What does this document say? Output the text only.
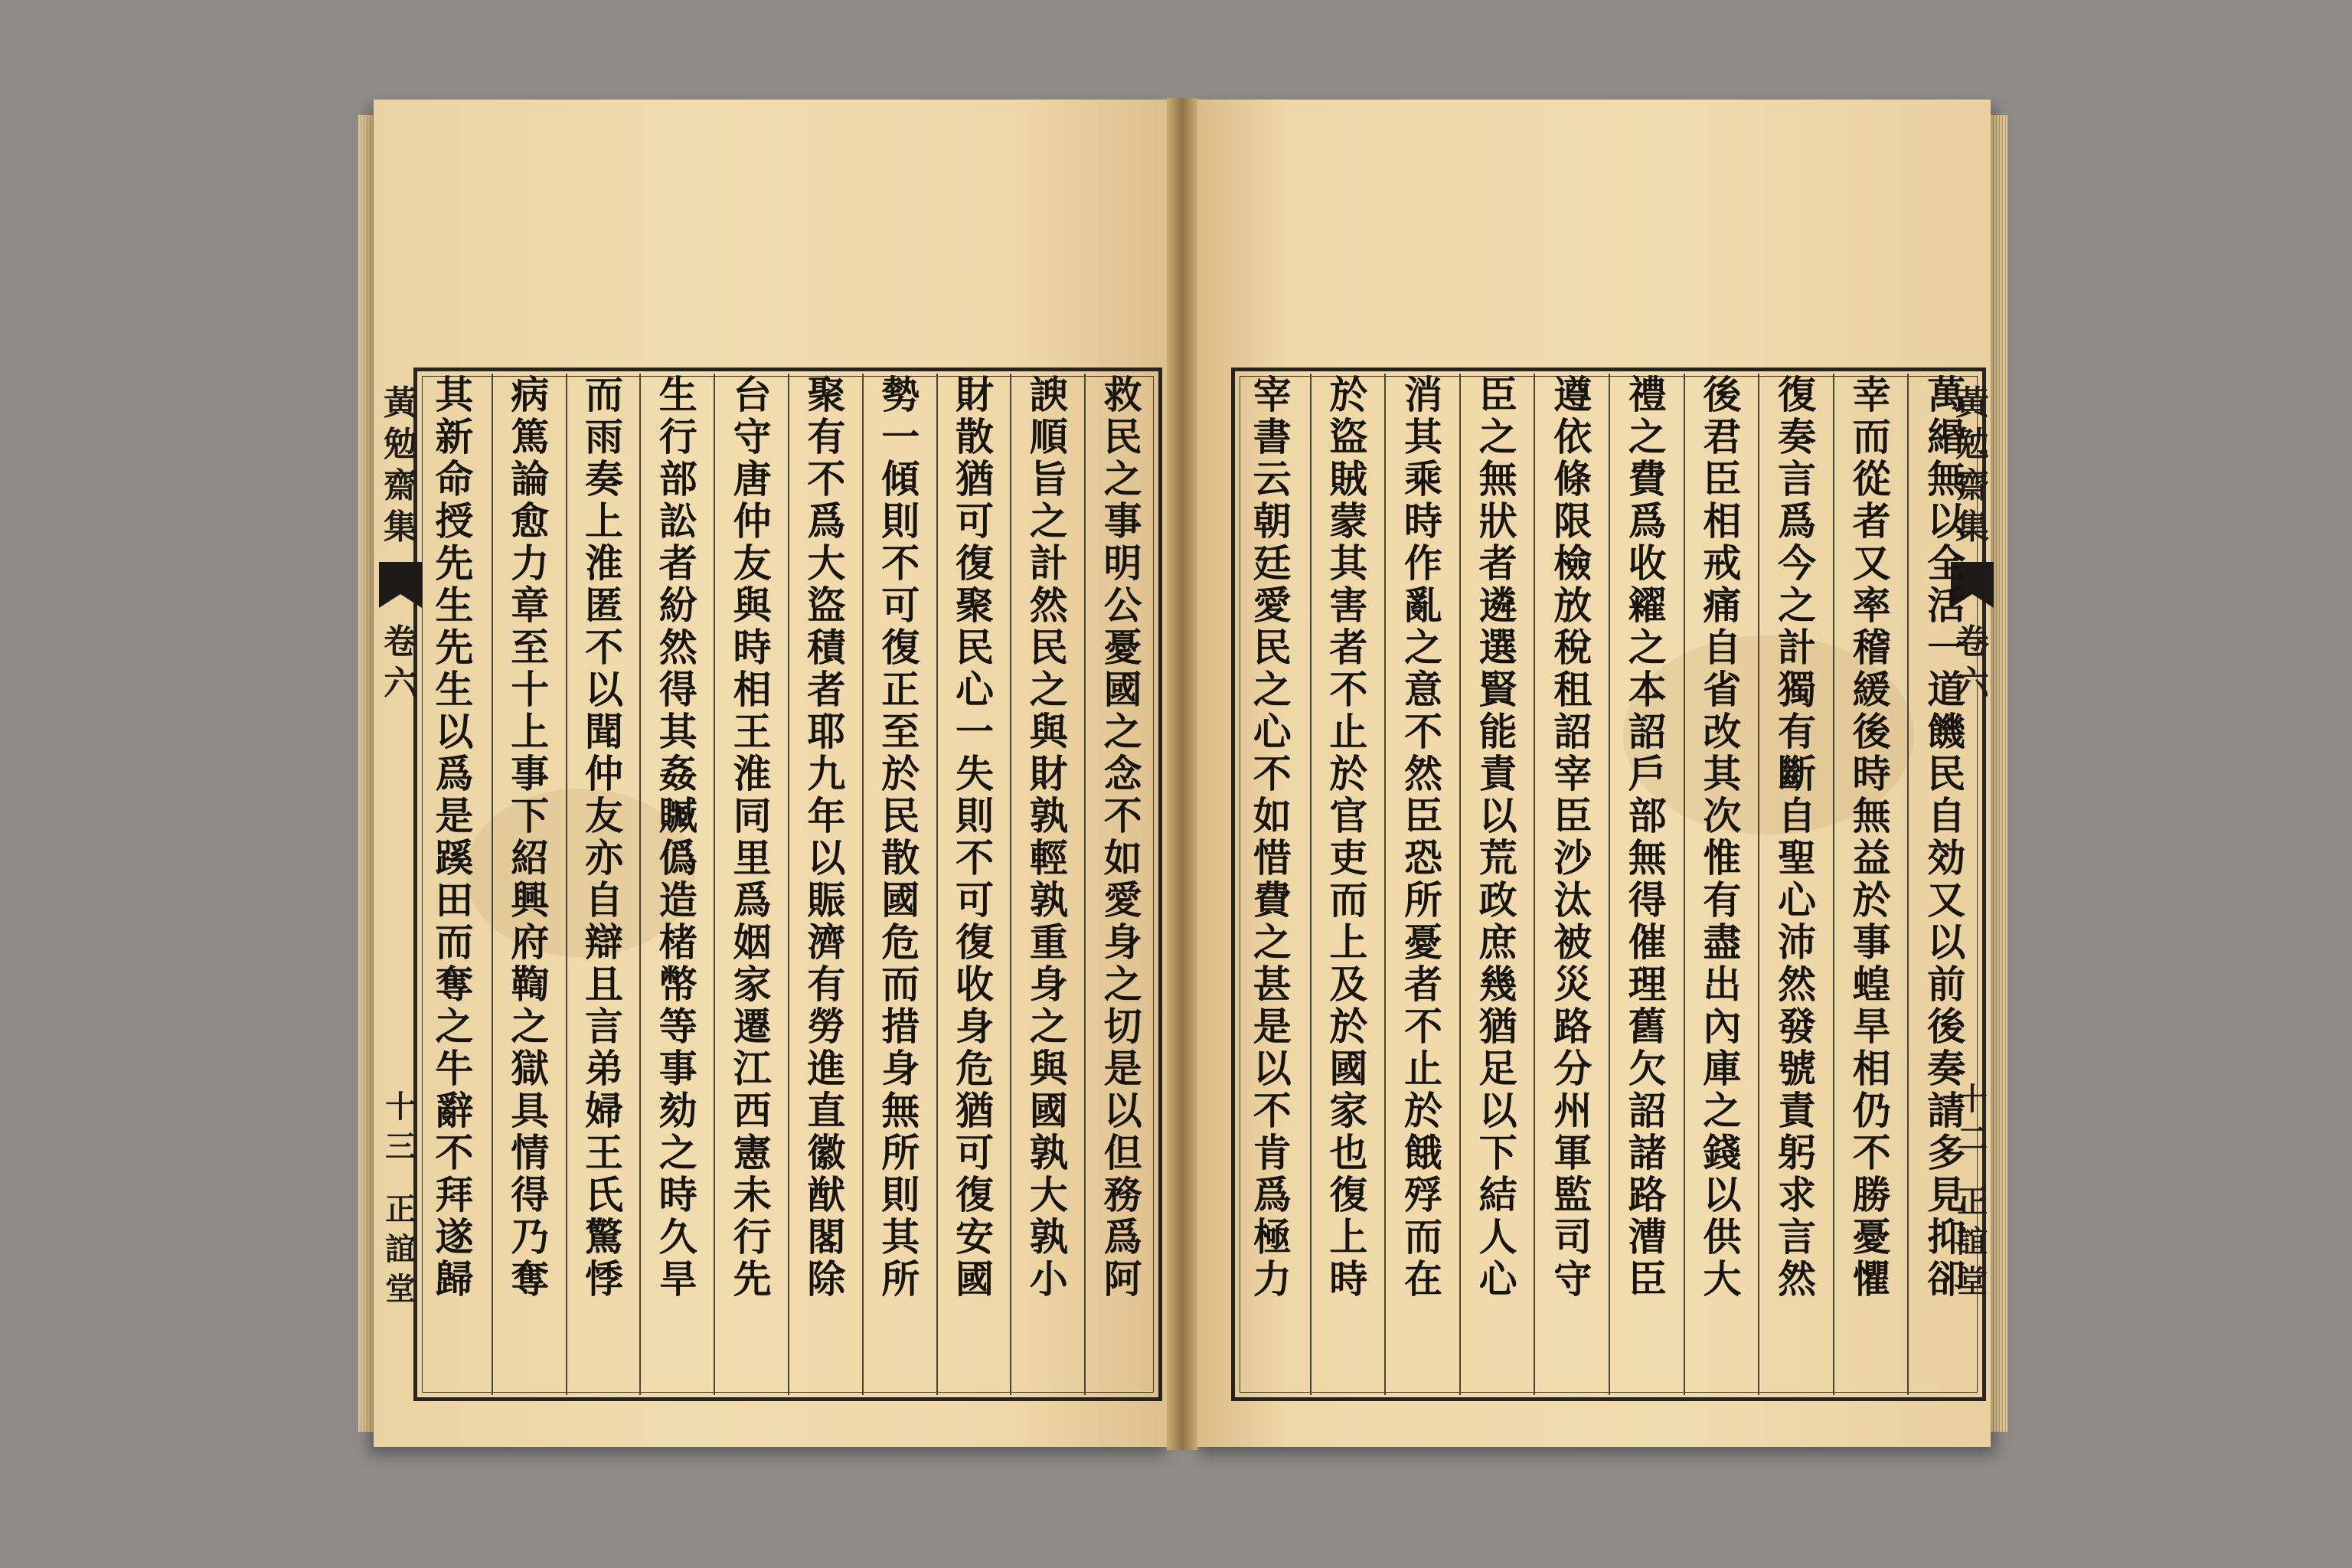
黃
勉
齋
集
卷
六
十
三
正
誼
堂
救
民
之
事
明
公
憂
國
之
念
不
如
愛
身
之
切
是
以
但
務
爲
阿
諛
順
旨
之
計
然
民
之
與
財
孰
輕
孰
重
身
之
與
國
孰
大
孰
小
財
散
猶
可
復
聚
民
心
一
失
則
不
可
復
收
身
危
猶
可
復
安
國
勢
一
傾
則
不
可
復
正
至
於
民
散
國
危
而
措
身
無
所
則
其
所
聚
有
不
爲
大
盜
積
者
耶
九
年
以
賑
濟
有
勞
進
直
徽
猷
閣
除
台
守
唐
仲
友
與
時
相
王
淮
同
里
爲
姻
家
遷
江
西
憲
未
行
先
生
行
部
訟
者
紛
然
得
其
姦
贓
僞
造
楮
幣
等
事
劾
之
時
久
旱
而
雨
奏
上
淮
匿
不
以
聞
仲
友
亦
自
辯
且
言
弟
婦
王
氏
驚
悸
病
篤
論
愈
力
章
至
十
上
事
下
紹
興
府
鞫
之
獄
具
情
得
乃
奪
其
新
命
授
先
生
先
生
以
爲
是
蹊
田
而
奪
之
牛
辭
不
拜
遂
歸
黃
勉
齋
集
卷
六
十
二
正
誼
堂
萬
緡
無
以
全
活
一
道
饑
民
自
効
又
以
前
後
奏
請
多
見
抑
卻
幸
而
從
者
又
率
稽
緩
後
時
無
益
於
事
蝗
旱
相
仍
不
勝
憂
懼
復
奏
言
爲
今
之
計
獨
有
斷
自
聖
心
沛
然
發
號
責
躬
求
言
然
後
君
臣
相
戒
痛
自
省
改
其
次
惟
有
盡
出
內
庫
之
錢
以
供
大
禮
之
費
爲
收
糴
之
本
詔
戶
部
無
得
催
理
舊
欠
詔
諸
路
漕
臣
遵
依
條
限
檢
放
稅
租
詔
宰
臣
沙
汰
被
災
路
分
州
軍
監
司
守
臣
之
無
狀
者
遴
選
賢
能
責
以
荒
政
庶
幾
猶
足
以
下
結
人
心
消
其
乘
時
作
亂
之
意
不
然
臣
恐
所
憂
者
不
止
於
餓
殍
而
在
於
盜
賊
蒙
其
害
者
不
止
於
官
吏
而
上
及
於
國
家
也
復
上
時
宰
書
云
朝
廷
愛
民
之
心
不
如
惜
費
之
甚
是
以
不
肯
爲
極
力
